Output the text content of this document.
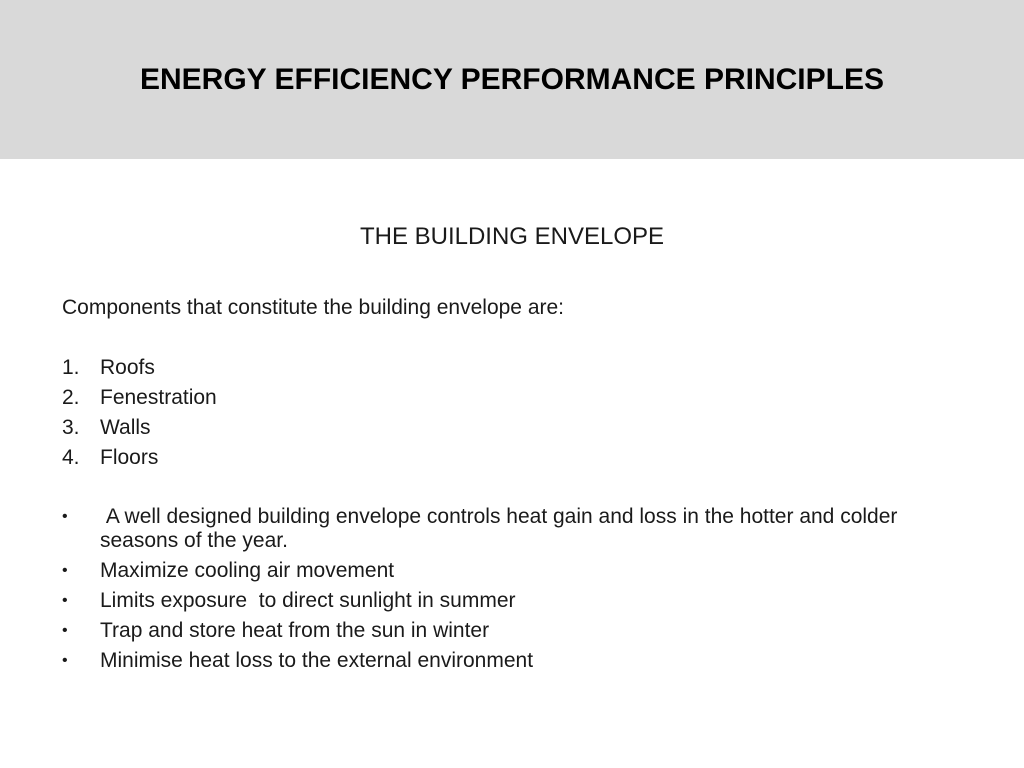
ENERGY EFFICIENCY PERFORMANCE PRINCIPLES
THE BUILDING ENVELOPE

Components that constitute the building envelope are:

1. Roofs
2. Fenestration
3. Walls
4. Floors
• A well designed building envelope controls heat gain and loss in the hotter and colder seasons of the year.
• Maximize cooling air movement
• Limits exposure  to direct sunlight in summer
• Trap and store heat from the sun in winter
• Minimise heat loss to the external environment
